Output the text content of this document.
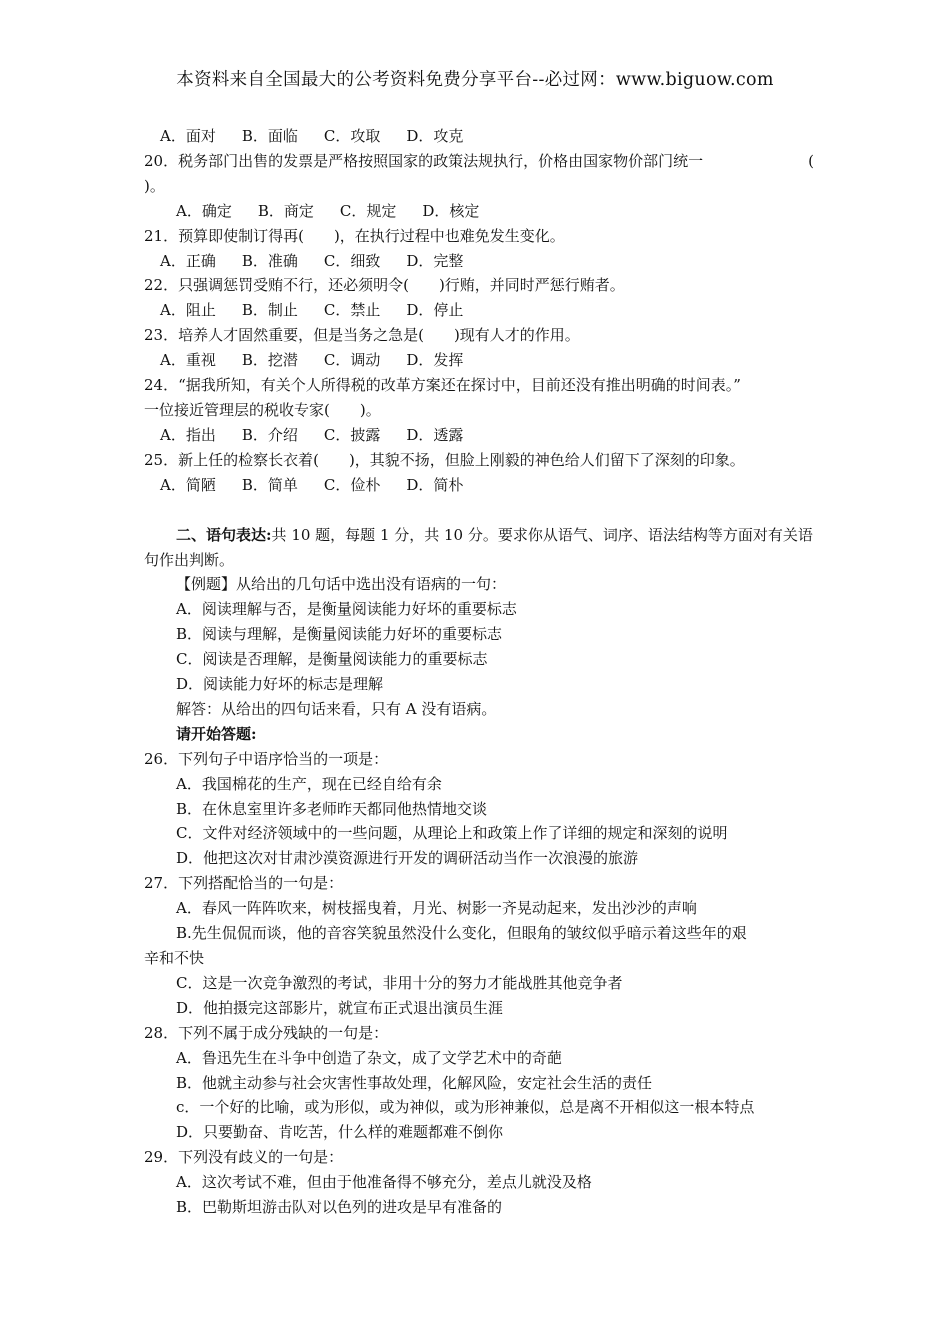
本资料来自全国最大的公考资料免费分享平台--必过网：www.biguow.com
A．面对 B．面临 C．攻取 D．攻克
20．税务部门出售的发票是严格按照国家的政策法规执行，价格由国家物价部门统一	(
)。
A．确定 B．商定 C．规定 D．核定
21．预算即使制订得再(　　)，在执行过程中也难免发生变化。
A．正确 B．准确 C．细致 D．完整
22．只强调惩罚受贿不行，还必须明令(　　)行贿，并同时严惩行贿者。
A．阻止 B．制止 C．禁止 D．停止
23．培养人才固然重要，但是当务之急是(　　)现有人才的作用。
A．重视 B．挖潜 C．调动 D．发挥
24．“据我所知，有关个人所得税的改革方案还在探讨中，目前还没有推出明确的时间表。”
一位接近管理层的税收专家(　　)。
A．指出 B．介绍 C．披露 D．透露
25．新上任的检察长衣着(　　)，其貌不扬，但脸上刚毅的神色给人们留下了深刻的印象。
A．简陋 B．简单 C．俭朴 D．简朴
二、语句表达:共 10 题，每题 1 分，共 10 分。要求你从语气、词序、语法结构等方面对有关语句作出判断。
【例题】从给出的几句话中选出没有语病的一句：
A．阅读理解与否，是衡量阅读能力好坏的重要标志
B．阅读与理解，是衡量阅读能力好坏的重要标志
C．阅读是否理解，是衡量阅读能力的重要标志
D．阅读能力好坏的标志是理解
解答：从给出的四句话来看，只有 A 没有语病。
请开始答题:
26．下列句子中语序恰当的一项是：
A．我国棉花的生产，现在已经自给有余
B．在休息室里许多老师昨天都同他热情地交谈
C．文件对经济领域中的一些问题，从理论上和政策上作了详细的规定和深刻的说明
D．他把这次对甘肃沙漠资源进行开发的调研活动当作一次浪漫的旅游
27．下列搭配恰当的一句是：
A．春风一阵阵吹来，树枝摇曳着，月光、树影一齐晃动起来，发出沙沙的声响
B.先生侃侃而谈，他的音容笑貌虽然没什么变化，但眼角的皱纹似乎暗示着这些年的艰
辛和不快
C．这是一次竞争激烈的考试，非用十分的努力才能战胜其他竞争者
D．他拍摄完这部影片，就宣布正式退出演员生涯
28．下列不属于成分残缺的一句是：
A．鲁迅先生在斗争中创造了杂文，成了文学艺术中的奇葩
B．他就主动参与社会灾害性事故处理，化解风险，安定社会生活的责任
c．一个好的比喻，或为形似，或为神似，或为形神兼似，总是离不开相似这一根本特点
D．只要勤奋、肯吃苦，什么样的难题都难不倒你
29．下列没有歧义的一句是：
A．这次考试不难，但由于他准备得不够充分，差点儿就没及格
B．巴勒斯坦游击队对以色列的进攻是早有准备的
